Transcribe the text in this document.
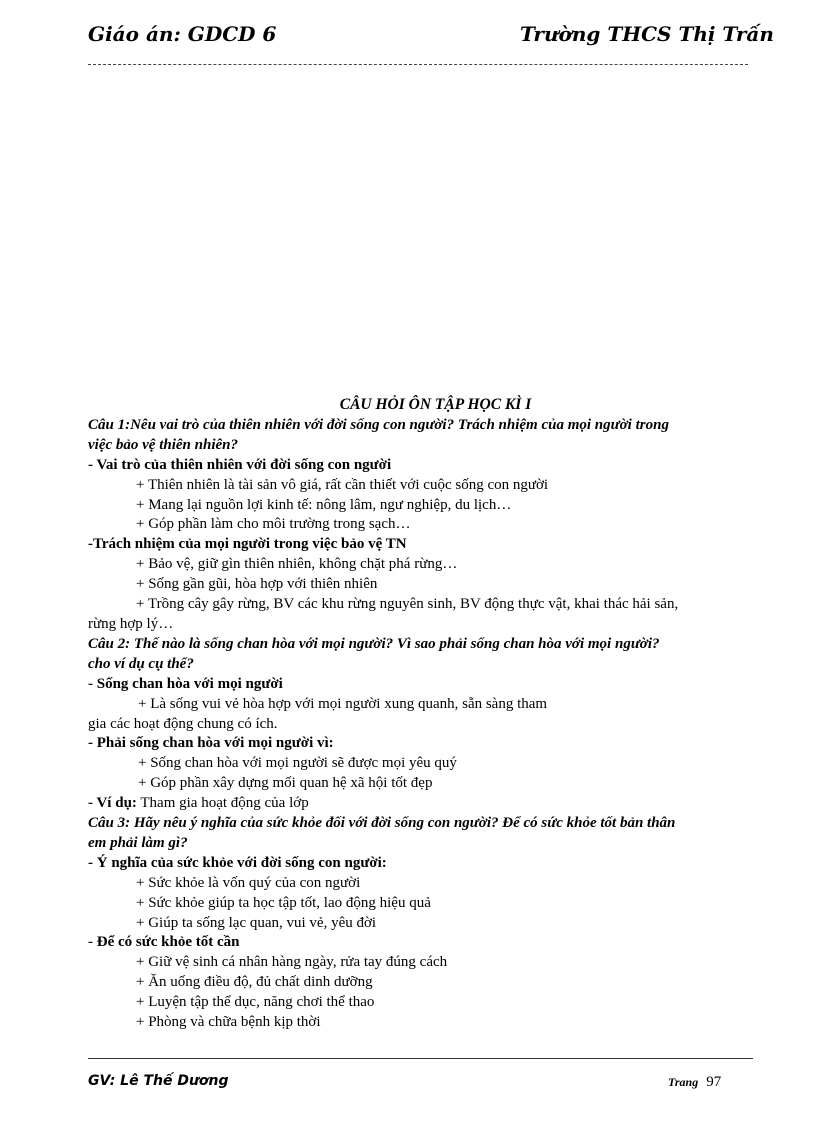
Giáo án: GDCD 6	Trường THCS Thị Trấn
CÂU HỎI ÔN TẬP HỌC KÌ I
Câu 1:Nêu vai trò của thiên nhiên với đời sống con người? Trách nhiệm của mọi người trong
việc bảo vệ thiên nhiên?
- Vai trò của thiên nhiên với đời sống con người
+ Thiên nhiên là tài sản vô giá, rất cần thiết với cuộc sống con người
+ Mang lại nguồn lợi kinh tế: nông lâm, ngư nghiệp, du lịch…
+ Góp phần làm cho môi trường trong sạch…
-Trách nhiệm của mọi người trong việc bảo vệ TN
+ Bảo vệ, giữ gìn thiên nhiên, không chặt phá rừng…
+ Sống gần gũi, hòa hợp với thiên nhiên
+ Trồng cây gây rừng, BV các khu rừng nguyên sinh, BV động thực vật, khai thác hải sản,
rừng hợp lý…
Câu 2: Thế nào là sống chan hòa với mọi người? Vì sao phải sống chan hòa với mọi người?
cho ví dụ cụ thể?
- Sống chan hòa với mọi người
+ Là sống vui vẻ hòa hợp với mọi người xung quanh, sẵn sàng tham
gia các hoạt động chung có ích.
- Phải sống chan hòa với mọi người vì:
+ Sống chan hòa với mọi người sẽ được mọi yêu quý
+ Góp phần xây dựng mối quan hệ xã hội tốt đẹp
- Ví dụ: Tham gia hoạt động của lớp
Câu 3: Hãy nêu ý nghĩa của sức khỏe đối với đời sống con người? Để có sức khỏe tốt bản thân
em phải làm gì?
- Ý nghĩa của sức khỏe với đời sống con người:
+ Sức khỏe là vốn quý của con người
+ Sức khỏe giúp ta học tập tốt, lao động hiệu quả
+ Giúp ta sống lạc quan, vui vẻ, yêu đời
- Để có sức khỏe tốt cần
+ Giữ vệ sinh cá nhân hàng ngày, rửa tay đúng cách
+ Ăn uống điều độ, đủ chất dinh dưỡng
+ Luyện tập thể dục, năng chơi thể thao
+ Phòng và chữa bệnh kịp thời
GV: Lê Thế Dương	Trang 97
